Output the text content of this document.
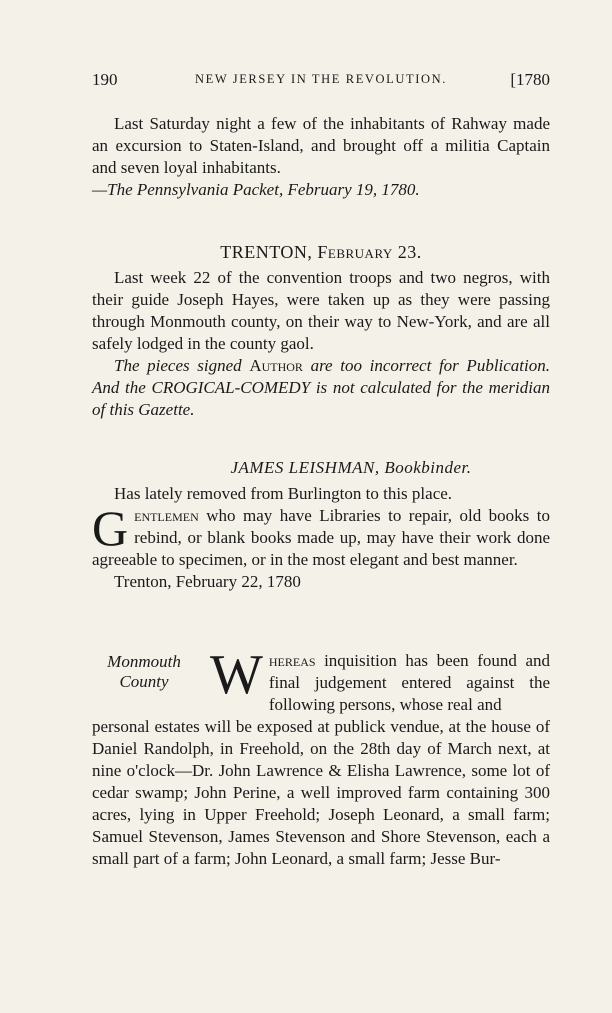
190	NEW JERSEY IN THE REVOLUTION.	[1780

Last Saturday night a few of the inhabitants of Rahway made an excursion to Staten-Island, and brought off a militia Captain and seven loyal inhabitants.

—The Pennsylvania Packet, February 19, 1780.

TRENTON, February 23.

Last week 22 of the convention troops and two negros, with their guide Joseph Hayes, were taken up as they were passing through Monmouth county, on their way to New-York, and are all safely lodged in the county gaol.

The pieces signed Author are too incorrect for Publication. And the CROGICAL-COMEDY is not calculated for the meridian of this Gazette.

JAMES LEISHMAN, Bookbinder.

Has lately removed from Burlington to this place.

G entlemen who may have Libraries to repair, old books to rebind, or blank books made up, may have their work done agreeable to specimen, or in the most elegant and best manner.

Trenton, February 22, 1780

Monmouth
County W hereas inquisition has been found and final judgement entered against the following persons, whose real and

personal estates will be exposed at publick vendue, at the house of Daniel Randolph, in Freehold, on the 28th day of March next, at nine o'clock—Dr. John Lawrence & Elisha Lawrence, some lot of cedar swamp; John Perine, a well improved farm containing 300 acres, lying in Upper Freehold; Joseph Leonard, a small farm; Samuel Stevenson, James Stevenson and Shore Stevenson, each a small part of a farm; John Leonard, a small farm; Jesse Bur-
